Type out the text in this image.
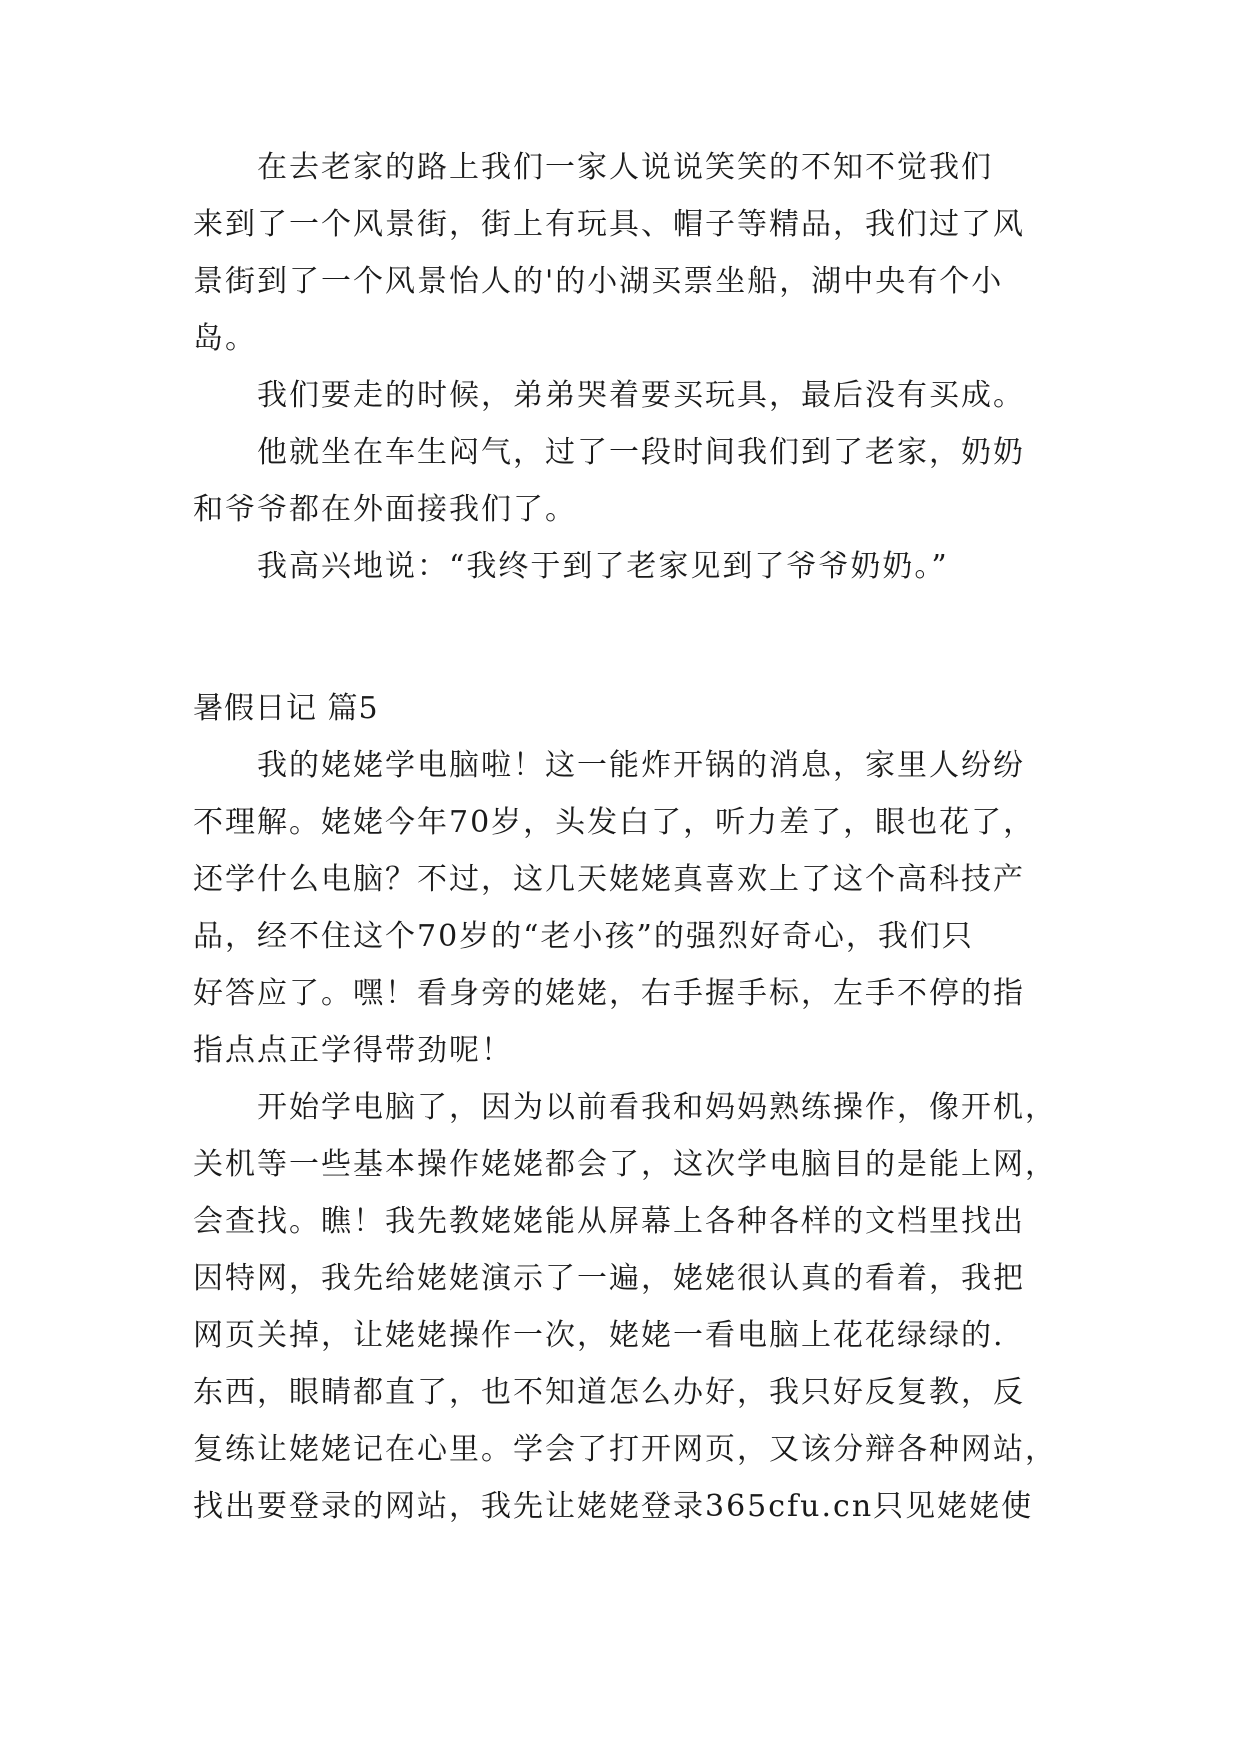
在去老家的路上我们一家人说说笑笑的不知不觉我们
来到了一个风景街，街上有玩具、帽子等精品，我们过了风
景街到了一个风景怡人的'的小湖买票坐船，湖中央有个小
岛。

我们要走的时候，弟弟哭着要买玩具，最后没有买成。

他就坐在车生闷气，过了一段时间我们到了老家，奶奶
和爷爷都在外面接我们了。

我高兴地说：“我终于到了老家见到了爷爷奶奶。”

暑假日记 篇5

我的姥姥学电脑啦！这一能炸开锅的消息，家里人纷纷
不理解。姥姥今年70岁，头发白了，听力差了，眼也花了，
还学什么电脑？不过，这几天姥姥真喜欢上了这个高科技产
品，经不住这个70岁的“老小孩”的强烈好奇心，我们只
好答应了。嘿！看身旁的姥姥，右手握手标，左手不停的指
指点点正学得带劲呢！

开始学电脑了，因为以前看我和妈妈熟练操作，像开机，
关机等一些基本操作姥姥都会了，这次学电脑目的是能上网，
会查找。瞧！我先教姥姥能从屏幕上各种各样的文档里找出
因特网，我先给姥姥演示了一遍，姥姥很认真的看着，我把
网页关掉，让姥姥操作一次，姥姥一看电脑上花花绿绿的.
东西，眼睛都直了，也不知道怎么办好，我只好反复教，反
复练让姥姥记在心里。学会了打开网页，又该分辩各种网站，
找出要登录的网站，我先让姥姥登录365cfu.cn只见姥姥使
